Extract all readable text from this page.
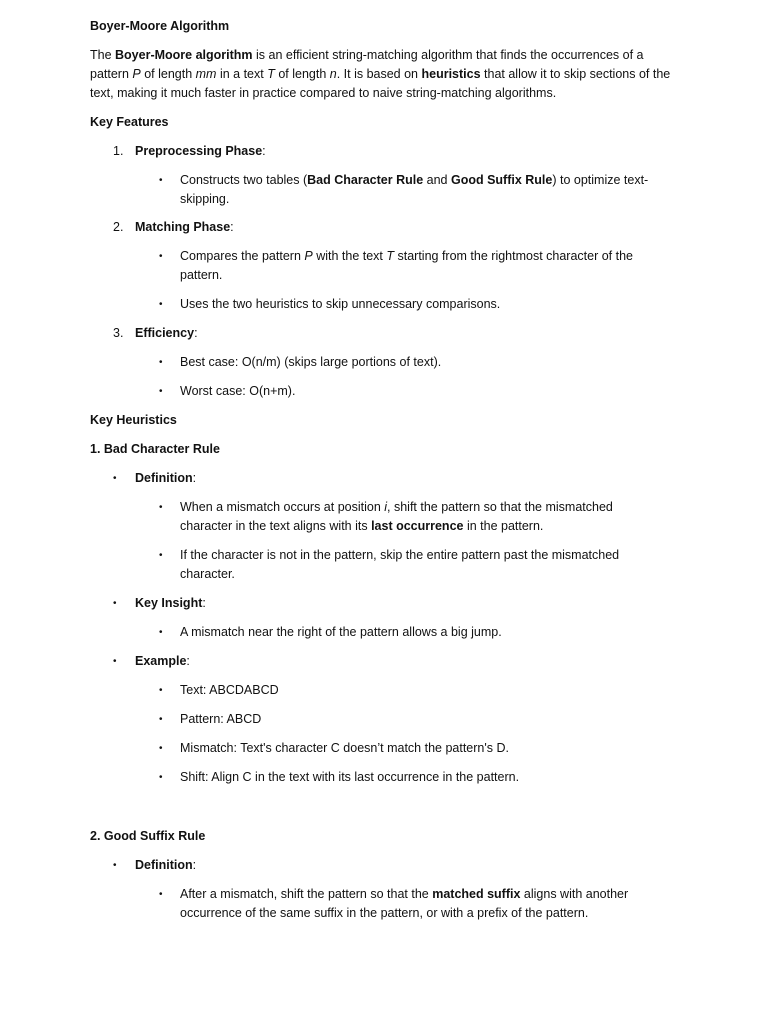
Boyer-Moore Algorithm

The Boyer-Moore algorithm is an efficient string-matching algorithm that finds the occurrences of a pattern P of length mm in a text T of length n. It is based on heuristics that allow it to skip sections of the text, making it much faster in practice compared to naive string-matching algorithms.

Key Features

1. Preprocessing Phase:
• Constructs two tables (Bad Character Rule and Good Suffix Rule) to optimize text-skipping.
2. Matching Phase:
• Compares the pattern P with the text T starting from the rightmost character of the pattern.
• Uses the two heuristics to skip unnecessary comparisons.
3. Efficiency:
• Best case: O(n/m) (skips large portions of text).
• Worst case: O(n+m).

Key Heuristics

1. Bad Character Rule

• Definition:
• When a mismatch occurs at position i, shift the pattern so that the mismatched character in the text aligns with its last occurrence in the pattern.
• If the character is not in the pattern, skip the entire pattern past the mismatched character.
• Key Insight:
• A mismatch near the right of the pattern allows a big jump.
• Example:
• Text: ABCDABCD
• Pattern: ABCD
• Mismatch: Text's character C doesn’t match the pattern's D.
• Shift: Align C in the text with its last occurrence in the pattern.

2. Good Suffix Rule

• Definition:
• After a mismatch, shift the pattern so that the matched suffix aligns with another occurrence of the same suffix in the pattern, or with a prefix of the pattern.
